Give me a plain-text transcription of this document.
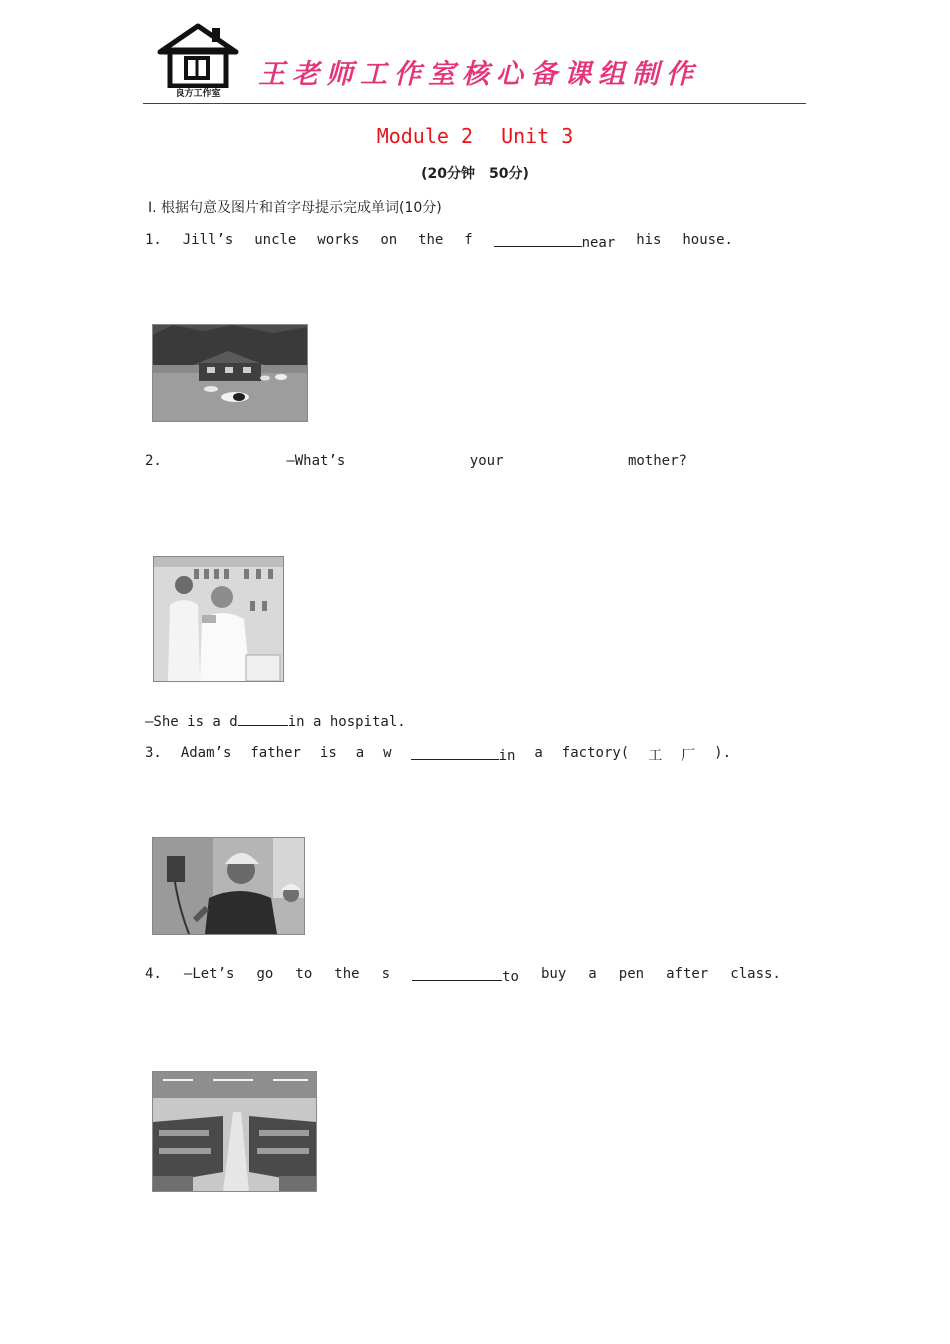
良方工作室
王老师工作室核心备课组制作
Module 2 Unit 3
(20分钟　50分)
Ⅰ. 根据句意及图片和首字母提示完成单词(10分)
1. Jill’s uncle works on the f	near his house.
2.	—What’s	your	mother?
—She is a d	in a hospital.
3. Adam’s father is a w	in a factory( 工 厂 ).
4. —Let’s go to the s	to buy a pen after class.
